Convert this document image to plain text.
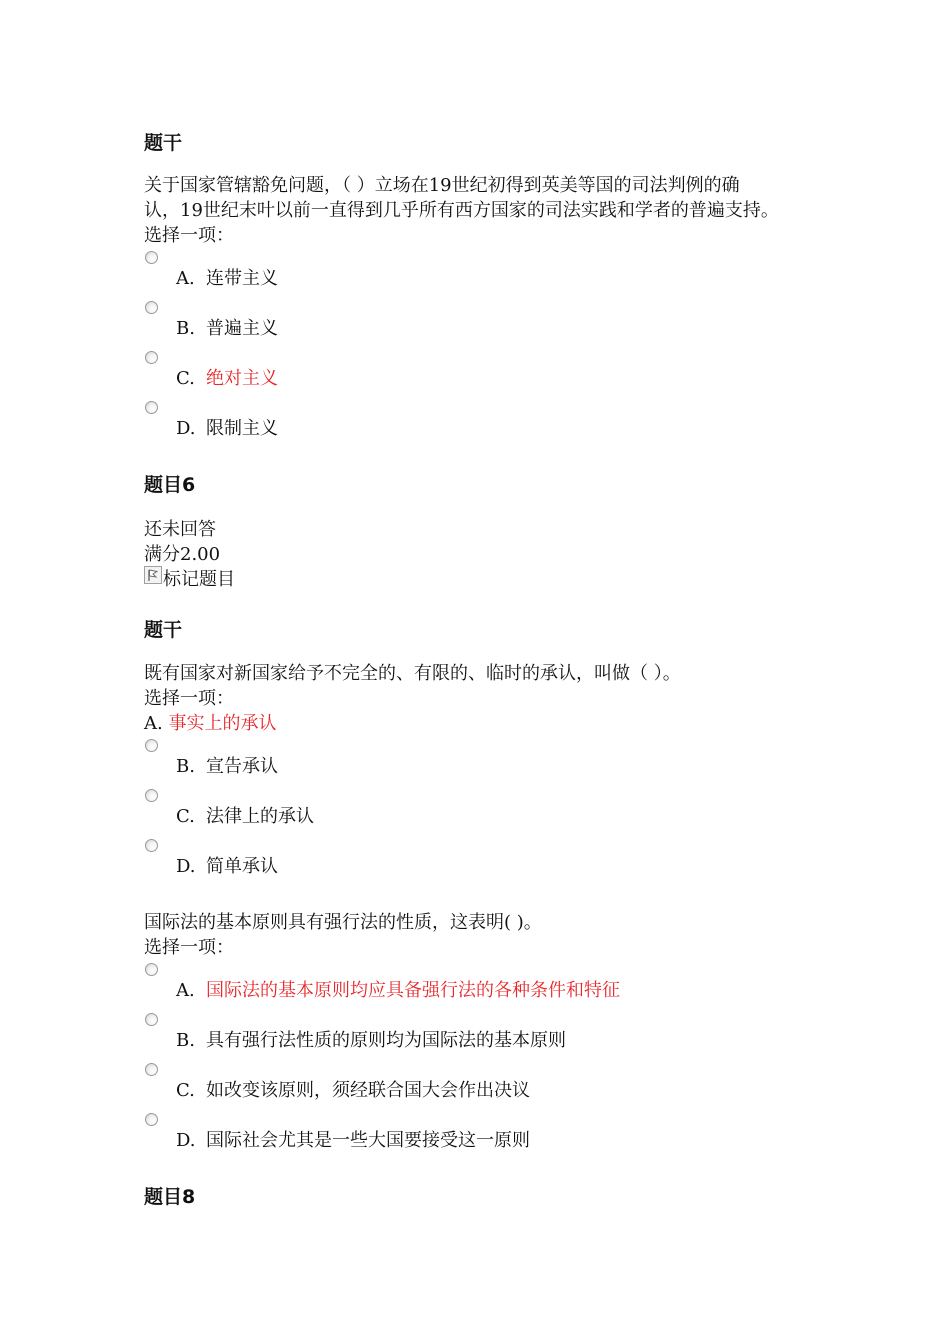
题干
关于国家管辖豁免问题，（ ）立场在19世纪初得到英美等国的司法判例的确
认，19世纪末叶以前一直得到几乎所有西方国家的司法实践和学者的普遍支持。
选择一项：
A. 连带主义
B. 普遍主义
C. 绝对主义
D. 限制主义
题目6
还未回答
满分2.00
标记题目
题干
既有国家对新国家给予不完全的、有限的、临时的承认，叫做（ ）。
选择一项：
A. 事实上的承认
B. 宣告承认
C. 法律上的承认
D. 简单承认
国际法的基本原则具有强行法的性质，这表明( )。
选择一项：
A. 国际法的基本原则均应具备强行法的各种条件和特征
B. 具有强行法性质的原则均为国际法的基本原则
C. 如改变该原则，须经联合国大会作出决议
D. 国际社会尤其是一些大国要接受这一原则
题目8
